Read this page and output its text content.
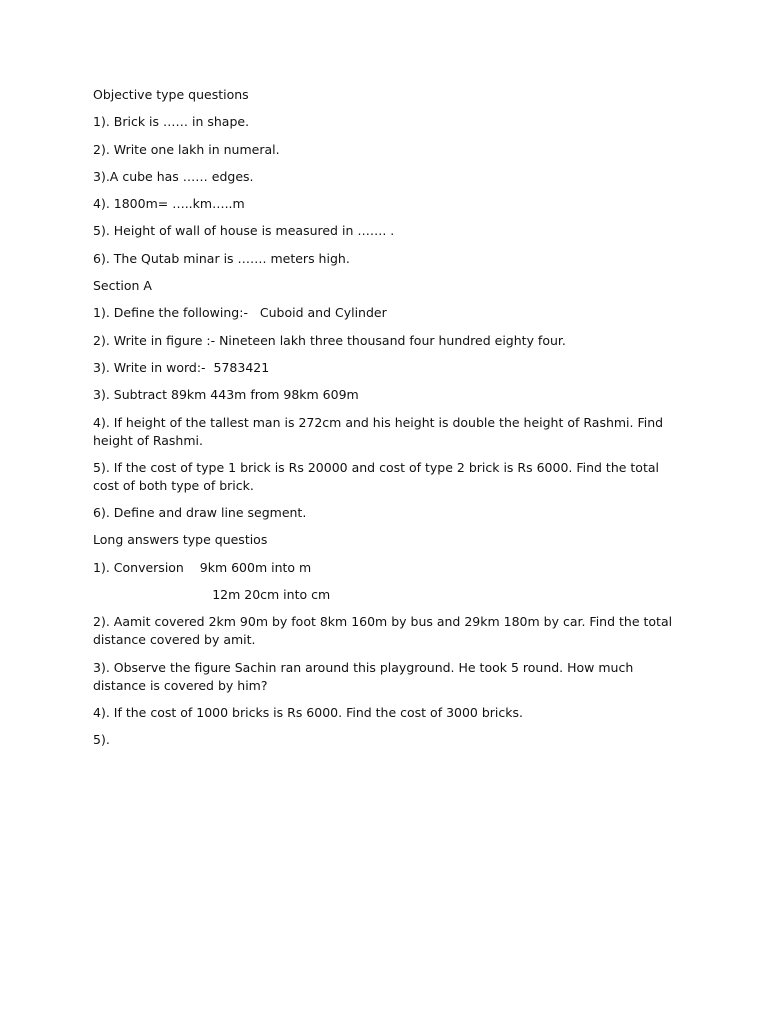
Objective type questions

1). Brick is …… in shape.

2). Write one lakh in numeral.

3).A cube has …… edges.

4). 1800m= …..km…..m

5). Height of wall of house is measured in ……. .

6). The Qutab minar is ……. meters high.

Section A

1). Define the following:-   Cuboid and Cylinder

2). Write in figure :- Nineteen lakh three thousand four hundred eighty four.

3). Write in word:-  5783421

3). Subtract 89km 443m from 98km 609m

4). If height of the tallest man is 272cm and his height is double the height of Rashmi. Find height of Rashmi.

5). If the cost of type 1 brick is Rs 20000 and cost of type 2 brick is Rs 6000. Find the total cost of both type of brick.

6). Define and draw line segment.

Long answers type questios

1). Conversion    9km 600m into m

12m 20cm into cm

2). Aamit covered 2km 90m by foot 8km 160m by bus and 29km 180m by car. Find the total distance covered by amit.

3). Observe the figure Sachin ran around this playground. He took 5 round. How much distance is covered by him?

4). If the cost of 1000 bricks is Rs 6000. Find the cost of 3000 bricks.

5).
